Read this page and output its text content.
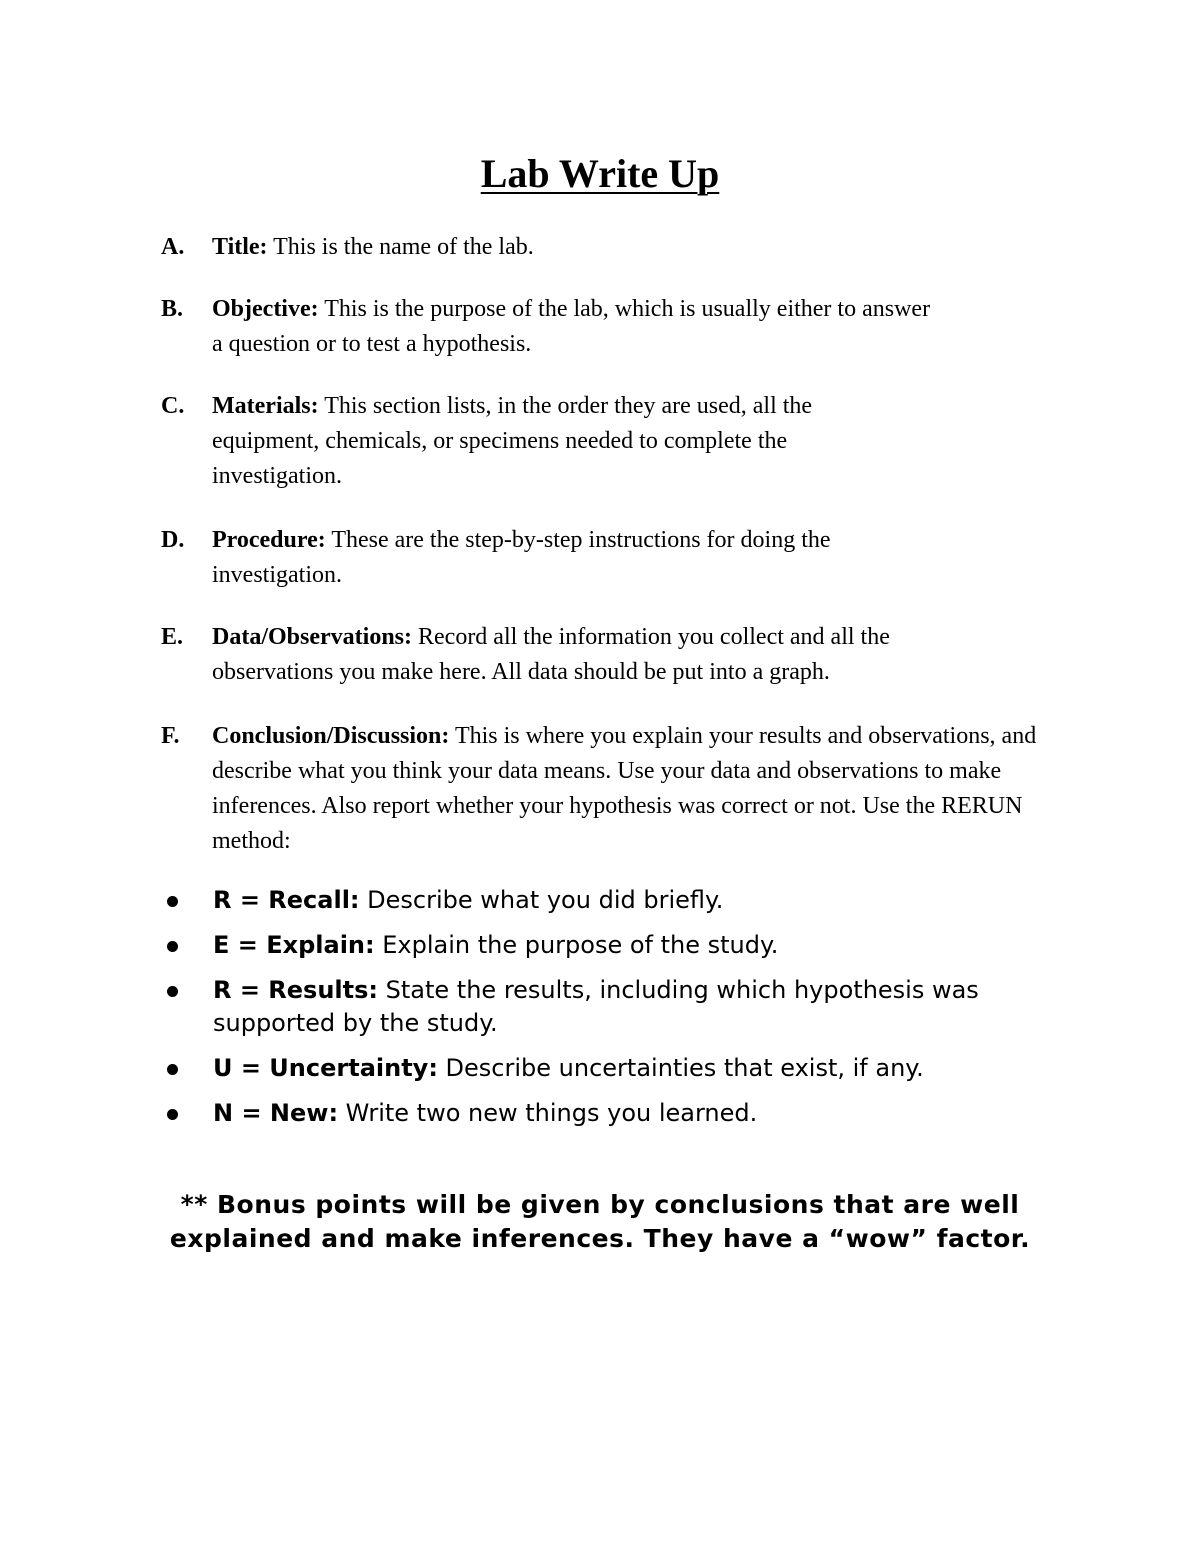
Lab Write Up
A. Title: This is the name of the lab.
B. Objective: This is the purpose of the lab, which is usually either to answer a question or to test a hypothesis.
C. Materials: This section lists, in the order they are used, all the equipment, chemicals, or specimens needed to complete the investigation.
D. Procedure: These are the step-by-step instructions for doing the investigation.
E. Data/Observations: Record all the information you collect and all the observations you make here. All data should be put into a graph.
F. Conclusion/Discussion: This is where you explain your results and observations, and describe what you think your data means. Use your data and observations to make inferences. Also report whether your hypothesis was correct or not. Use the RERUN method:
R = Recall: Describe what you did briefly.
E = Explain: Explain the purpose of the study.
R = Results: State the results, including which hypothesis was supported by the study.
U = Uncertainty: Describe uncertainties that exist, if any.
N = New: Write two new things you learned.
** Bonus points will be given by conclusions that are well
explained and make inferences. They have a “wow” factor.
